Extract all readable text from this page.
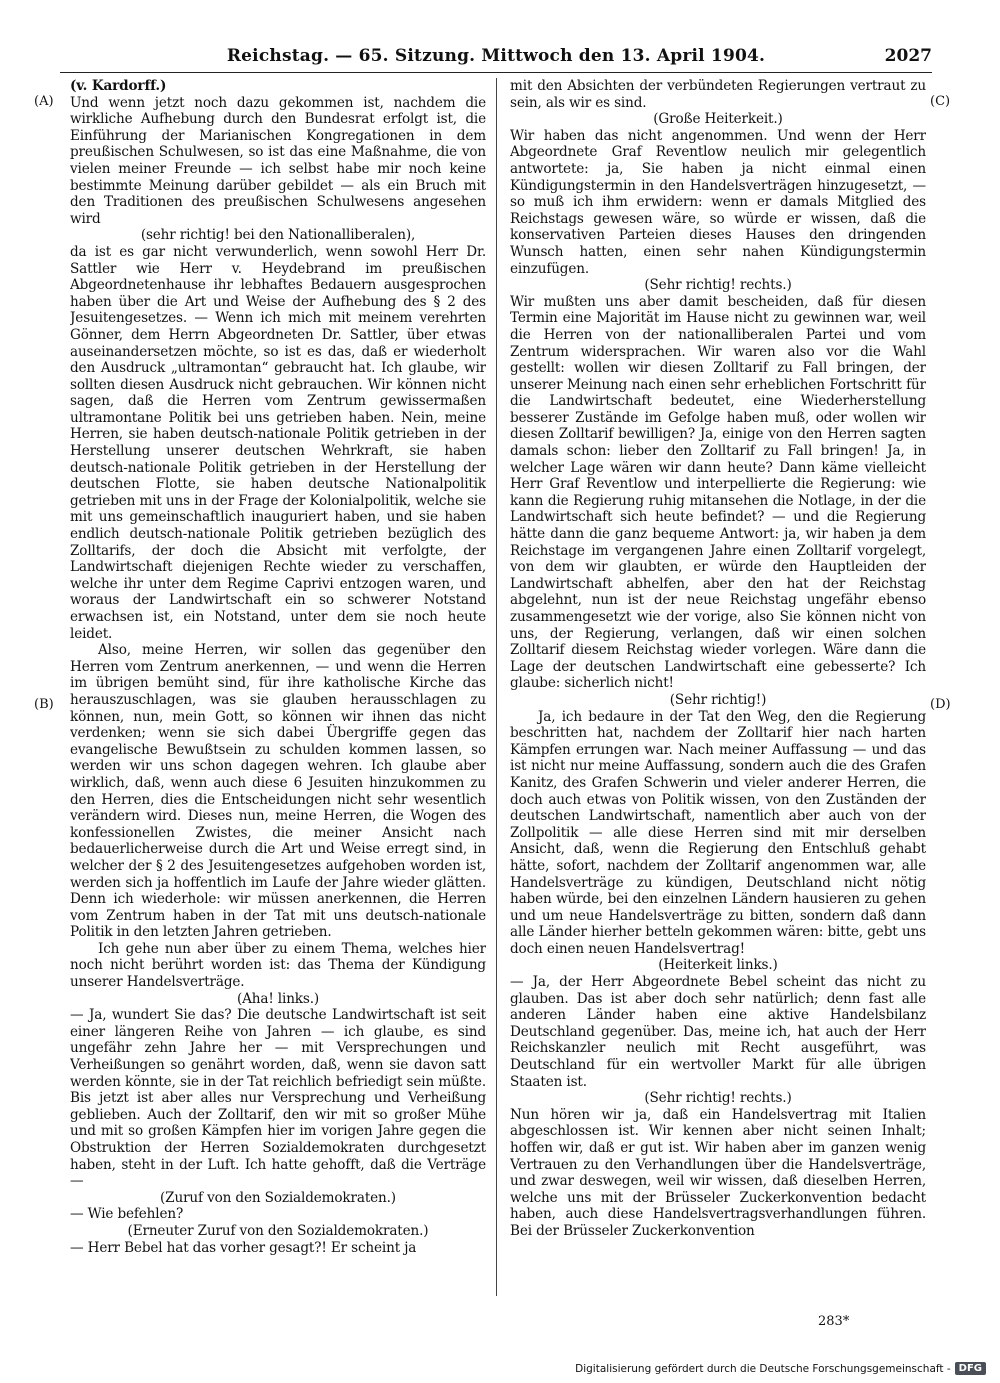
Reichstag. — 65. Sitzung. Mittwoch den 13. April 1904.	2027
(A)
(B)
(C)
(D)

(v. Kardorff.)

Und wenn jetzt noch dazu gekommen ist, nachdem die wirkliche Aufhebung durch den Bundesrat erfolgt ist, die Einführung der Marianischen Kongregationen in dem preußischen Schulwesen, so ist das eine Maßnahme, die von vielen meiner Freunde — ich selbst habe mir noch keine bestimmte Meinung darüber gebildet — als ein Bruch mit den Traditionen des preußischen Schulwesens angesehen wird

(sehr richtig! bei den Nationalliberalen),

da ist es gar nicht verwunderlich, wenn sowohl Herr Dr. Sattler wie Herr v. Heydebrand im preußischen Abgeordnetenhause ihr lebhaftes Bedauern ausgesprochen haben über die Art und Weise der Aufhebung des § 2 des Jesuitengesetzes. — Wenn ich mich mit meinem verehrten Gönner, dem Herrn Abgeordneten Dr. Sattler, über etwas auseinandersetzen möchte, so ist es das, daß er wiederholt den Ausdruck „ultramontan“ gebraucht hat. Ich glaube, wir sollten diesen Ausdruck nicht gebrauchen. Wir können nicht sagen, daß die Herren vom Zentrum gewissermaßen ultramontane Politik bei uns getrieben haben. Nein, meine Herren, sie haben deutsch-nationale Politik getrieben in der Herstellung unserer deutschen Wehrkraft, sie haben deutsch-nationale Politik getrieben in der Herstellung der deutschen Flotte, sie haben deutsche Nationalpolitik getrieben mit uns in der Frage der Kolonialpolitik, welche sie mit uns gemeinschaftlich inauguriert haben, und sie haben endlich deutsch-nationale Politik getrieben bezüglich des Zolltarifs, der doch die Absicht mit verfolgte, der Landwirtschaft diejenigen Rechte wieder zu verschaffen, welche ihr unter dem Regime Caprivi entzogen waren, und woraus der Landwirtschaft ein so schwerer Notstand erwachsen ist, ein Notstand, unter dem sie noch heute leidet.

Also, meine Herren, wir sollen das gegenüber den Herren vom Zentrum anerkennen, — und wenn die Herren im übrigen bemüht sind, für ihre katholische Kirche das herauszuschlagen, was sie glauben herausschlagen zu können, nun, mein Gott, so können wir ihnen das nicht verdenken; wenn sie sich dabei Übergriffe gegen das evangelische Bewußtsein zu schulden kommen lassen, so werden wir uns schon dagegen wehren. Ich glaube aber wirklich, daß, wenn auch diese 6 Jesuiten hinzukommen zu den Herren, dies die Entscheidungen nicht sehr wesentlich verändern wird. Dieses nun, meine Herren, die Wogen des konfessionellen Zwistes, die meiner Ansicht nach bedauerlicherweise durch die Art und Weise erregt sind, in welcher der § 2 des Jesuitengesetzes aufgehoben worden ist, werden sich ja hoffentlich im Laufe der Jahre wieder glätten. Denn ich wiederhole: wir müssen anerkennen, die Herren vom Zentrum haben in der Tat mit uns deutsch-nationale Politik in den letzten Jahren getrieben.

Ich gehe nun aber über zu einem Thema, welches hier noch nicht berührt worden ist: das Thema der Kündigung unserer Handelsverträge.

(Aha! links.)

— Ja, wundert Sie das? Die deutsche Landwirtschaft ist seit einer längeren Reihe von Jahren — ich glaube, es sind ungefähr zehn Jahre her — mit Versprechungen und Verheißungen so genährt worden, daß, wenn sie davon satt werden könnte, sie in der Tat reichlich befriedigt sein müßte. Bis jetzt ist aber alles nur Versprechung und Verheißung geblieben. Auch der Zolltarif, den wir mit so großer Mühe und mit so großen Kämpfen hier im vorigen Jahre gegen die Obstruktion der Herren Sozialdemokraten durchgesetzt haben, steht in der Luft. Ich hatte gehofft, daß die Verträge —

(Zuruf von den Sozialdemokraten.)

— Wie befehlen?

(Erneuter Zuruf von den Sozialdemokraten.)

— Herr Bebel hat das vorher gesagt?! Er scheint ja

mit den Absichten der verbündeten Regierungen vertraut zu sein, als wir es sind.

(Große Heiterkeit.)

Wir haben das nicht angenommen. Und wenn der Herr Abgeordnete Graf Reventlow neulich mir gelegentlich antwortete: ja, Sie haben ja nicht einmal einen Kündigungstermin in den Handelsverträgen hinzugesetzt, — so muß ich ihm erwidern: wenn er damals Mitglied des Reichstags gewesen wäre, so würde er wissen, daß die konservativen Parteien dieses Hauses den dringenden Wunsch hatten, einen sehr nahen Kündigungstermin einzufügen.

(Sehr richtig! rechts.)

Wir mußten uns aber damit bescheiden, daß für diesen Termin eine Majorität im Hause nicht zu gewinnen war, weil die Herren von der nationalliberalen Partei und vom Zentrum widersprachen. Wir waren also vor die Wahl gestellt: wollen wir diesen Zolltarif zu Fall bringen, der unserer Meinung nach einen sehr erheblichen Fortschritt für die Landwirtschaft bedeutet, eine Wiederherstellung besserer Zustände im Gefolge haben muß, oder wollen wir diesen Zolltarif bewilligen? Ja, einige von den Herren sagten damals schon: lieber den Zolltarif zu Fall bringen! Ja, in welcher Lage wären wir dann heute? Dann käme vielleicht Herr Graf Reventlow und interpellierte die Regierung: wie kann die Regierung ruhig mitansehen die Notlage, in der die Landwirtschaft sich heute befindet? — und die Regierung hätte dann die ganz bequeme Antwort: ja, wir haben ja dem Reichstage im vergangenen Jahre einen Zolltarif vorgelegt, von dem wir glaubten, er würde den Hauptleiden der Landwirtschaft abhelfen, aber den hat der Reichstag abgelehnt, nun ist der neue Reichstag ungefähr ebenso zusammengesetzt wie der vorige, also Sie können nicht von uns, der Regierung, verlangen, daß wir einen solchen Zolltarif diesem Reichstag wieder vorlegen. Wäre dann die Lage der deutschen Landwirtschaft eine gebesserte? Ich glaube: sicherlich nicht!

(Sehr richtig!)

Ja, ich bedaure in der Tat den Weg, den die Regierung beschritten hat, nachdem der Zolltarif hier nach harten Kämpfen errungen war. Nach meiner Auffassung — und das ist nicht nur meine Auffassung, sondern auch die des Grafen Kanitz, des Grafen Schwerin und vieler anderer Herren, die doch auch etwas von Politik wissen, von den Zuständen der deutschen Landwirtschaft, namentlich aber auch von der Zollpolitik — alle diese Herren sind mit mir derselben Ansicht, daß, wenn die Regierung den Entschluß gehabt hätte, sofort, nachdem der Zolltarif angenommen war, alle Handelsverträge zu kündigen, Deutschland nicht nötig haben würde, bei den einzelnen Ländern hausieren zu gehen und um neue Handelsverträge zu bitten, sondern daß dann alle Länder hierher betteln gekommen wären: bitte, gebt uns doch einen neuen Handelsvertrag!

(Heiterkeit links.)

— Ja, der Herr Abgeordnete Bebel scheint das nicht zu glauben. Das ist aber doch sehr natürlich; denn fast alle anderen Länder haben eine aktive Handelsbilanz Deutschland gegenüber. Das, meine ich, hat auch der Herr Reichskanzler neulich mit Recht ausgeführt, was Deutschland für ein wertvoller Markt für alle übrigen Staaten ist.

(Sehr richtig! rechts.)

Nun hören wir ja, daß ein Handelsvertrag mit Italien abgeschlossen ist. Wir kennen aber nicht seinen Inhalt; hoffen wir, daß er gut ist. Wir haben aber im ganzen wenig Vertrauen zu den Verhandlungen über die Handelsverträge, und zwar deswegen, weil wir wissen, daß dieselben Herren, welche uns mit der Brüsseler Zuckerkonvention bedacht haben, auch diese Handelsvertragsverhandlungen führen. Bei der Brüsseler Zuckerkonvention

283*
Digitalisierung gefördert durch die Deutsche Forschungsgemeinschaft - DFG
